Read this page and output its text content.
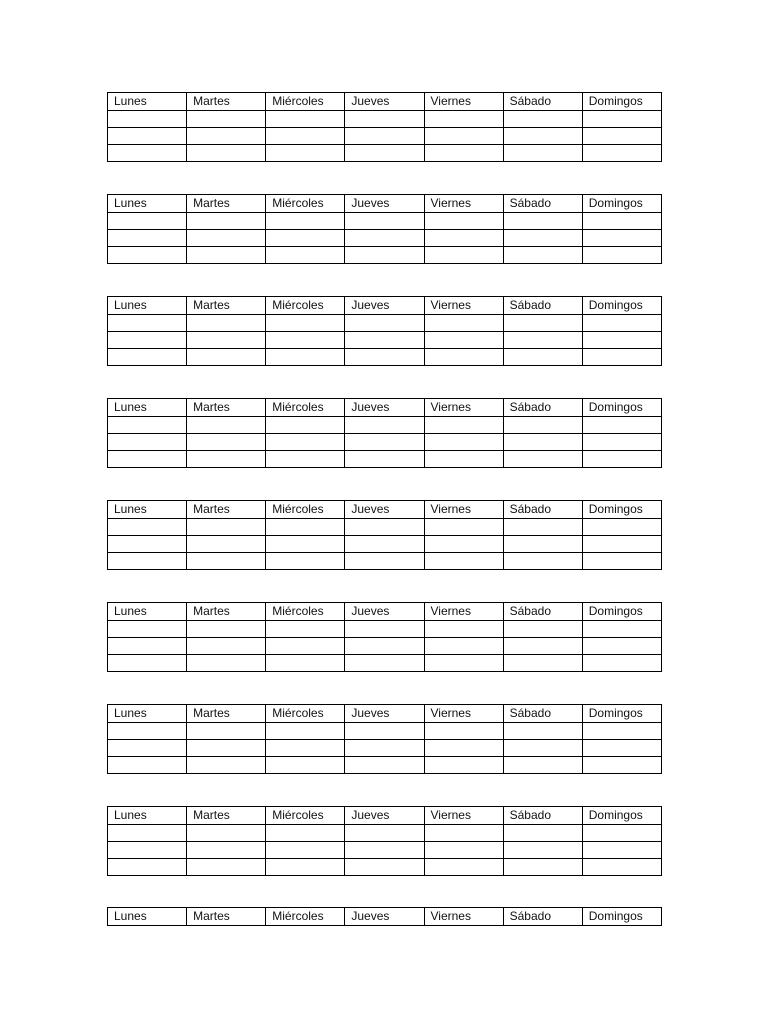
Lunes	Martes	Miércoles	Jueves	Viernes	Sábado	Domingos

Lunes	Martes	Miércoles	Jueves	Viernes	Sábado	Domingos

Lunes	Martes	Miércoles	Jueves	Viernes	Sábado	Domingos

Lunes	Martes	Miércoles	Jueves	Viernes	Sábado	Domingos

Lunes	Martes	Miércoles	Jueves	Viernes	Sábado	Domingos

Lunes	Martes	Miércoles	Jueves	Viernes	Sábado	Domingos

Lunes	Martes	Miércoles	Jueves	Viernes	Sábado	Domingos

Lunes	Martes	Miércoles	Jueves	Viernes	Sábado	Domingos

Lunes	Martes	Miércoles	Jueves	Viernes	Sábado	Domingos
